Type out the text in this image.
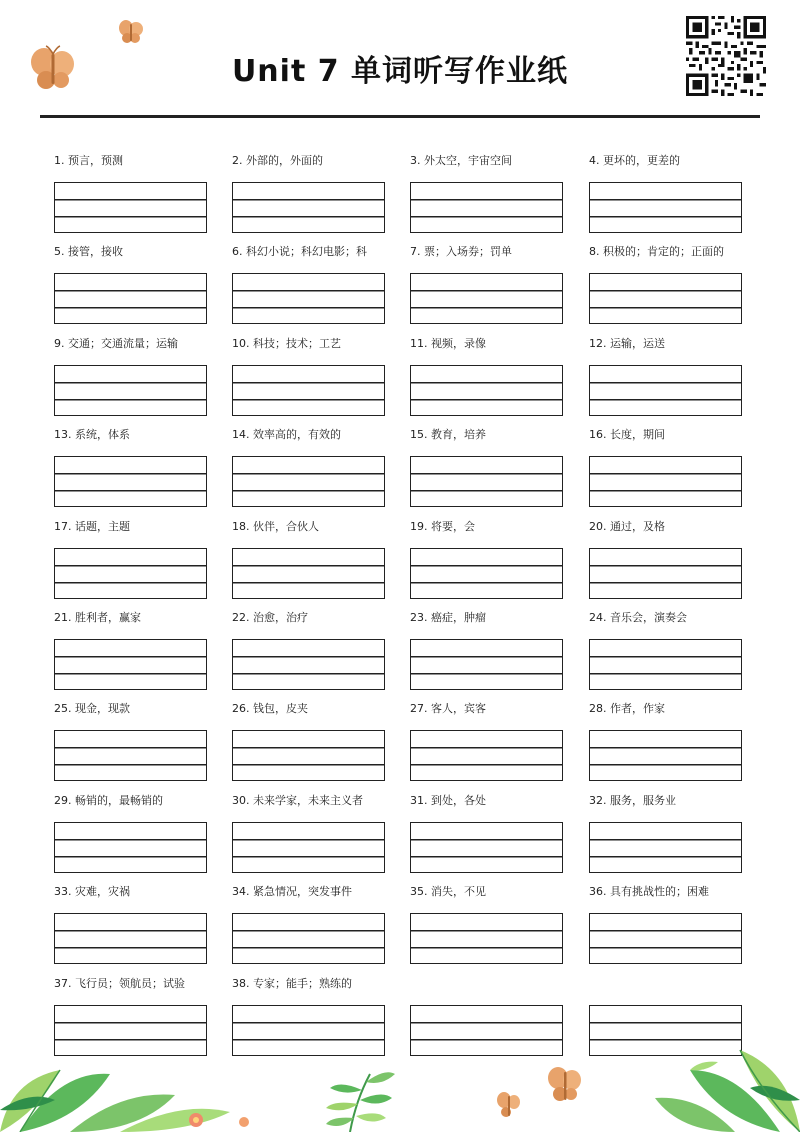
Unit 7 单词听写作业纸
1. 预言，预测	2. 外部的，外面的	3. 外太空，宇宙空间	4. 更坏的，更差的
5. 接管，接收	6. 科幻小说；科幻电影；科	7. 票；入场券；罚单	8. 积极的；肯定的；正面的
9. 交通；交通流量；运输	10. 科技；技术；工艺	11. 视频，录像	12. 运输，运送
13. 系统，体系	14. 效率高的，有效的	15. 教育，培养	16. 长度，期间
17. 话题，主题	18. 伙伴，合伙人	19. 将要，会	20. 通过，及格
21. 胜利者，赢家	22. 治愈，治疗	23. 癌症，肿瘤	24. 音乐会，演奏会
25. 现金，现款	26. 钱包，皮夹	27. 客人，宾客	28. 作者，作家
29. 畅销的，最畅销的	30. 未来学家，未来主义者	31. 到处，各处	32. 服务，服务业
33. 灾难，灾祸	34. 紧急情况，突发事件	35. 消失，不见	36. 具有挑战性的；困难
37. 飞行员；领航员；试验	38. 专家；能手；熟练的
